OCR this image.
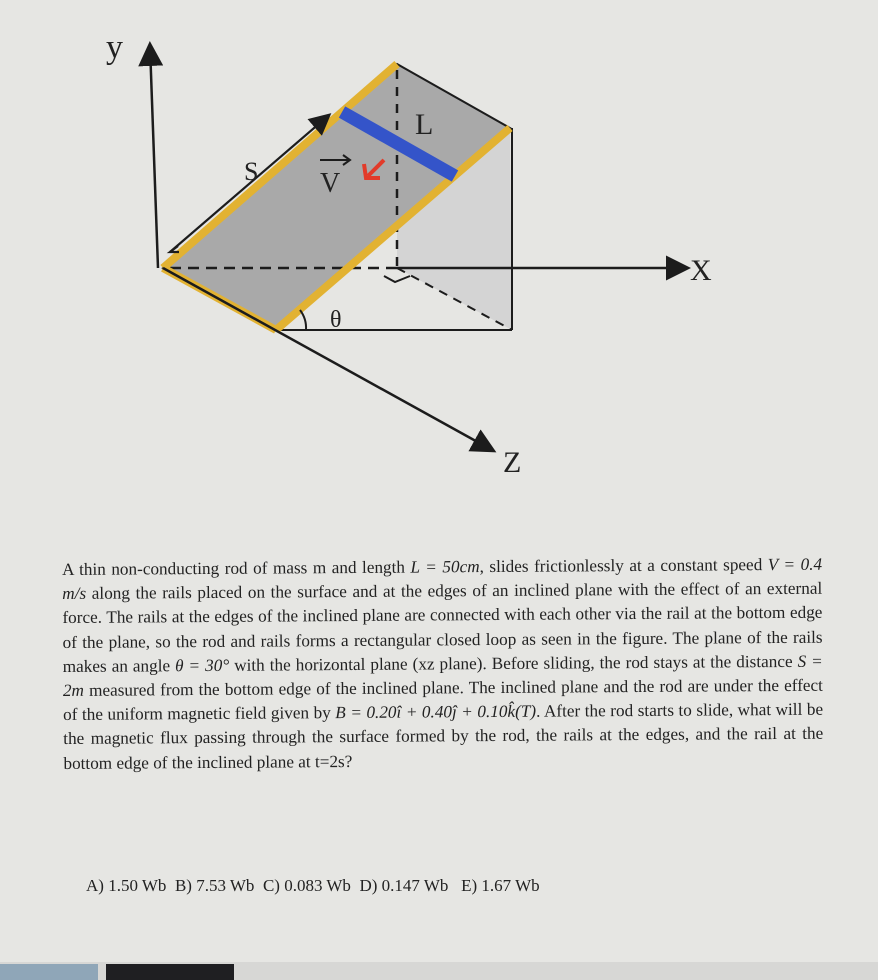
y
X
Z
S
L
V
θ

A thin non-conducting rod of mass m and length L = 50cm, slides frictionlessly at a constant speed V = 0.4 m/s along the rails placed on the surface and at the edges of an inclined plane with the effect of an external force. The rails at the edges of the inclined plane are connected with each other via the rail at the bottom edge of the plane, so the rod and rails forms a rectangular closed loop as seen in the figure. The plane of the rails makes an angle θ = 30° with the horizontal plane (xz plane). Before sliding, the rod stays at the distance S = 2m measured from the bottom edge of the inclined plane. The inclined plane and the rod are under the effect of the uniform magnetic field given by B = 0.20î + 0.40ĵ + 0.10k̂(T). After the rod starts to slide, what will be the magnetic flux passing through the surface formed by the rod, the rails at the edges, and the rail at the bottom edge of the inclined plane at t=2s?

A) 1.50 Wb B) 7.53 Wb C) 0.083 Wb D) 0.147 Wb E) 1.67 Wb
